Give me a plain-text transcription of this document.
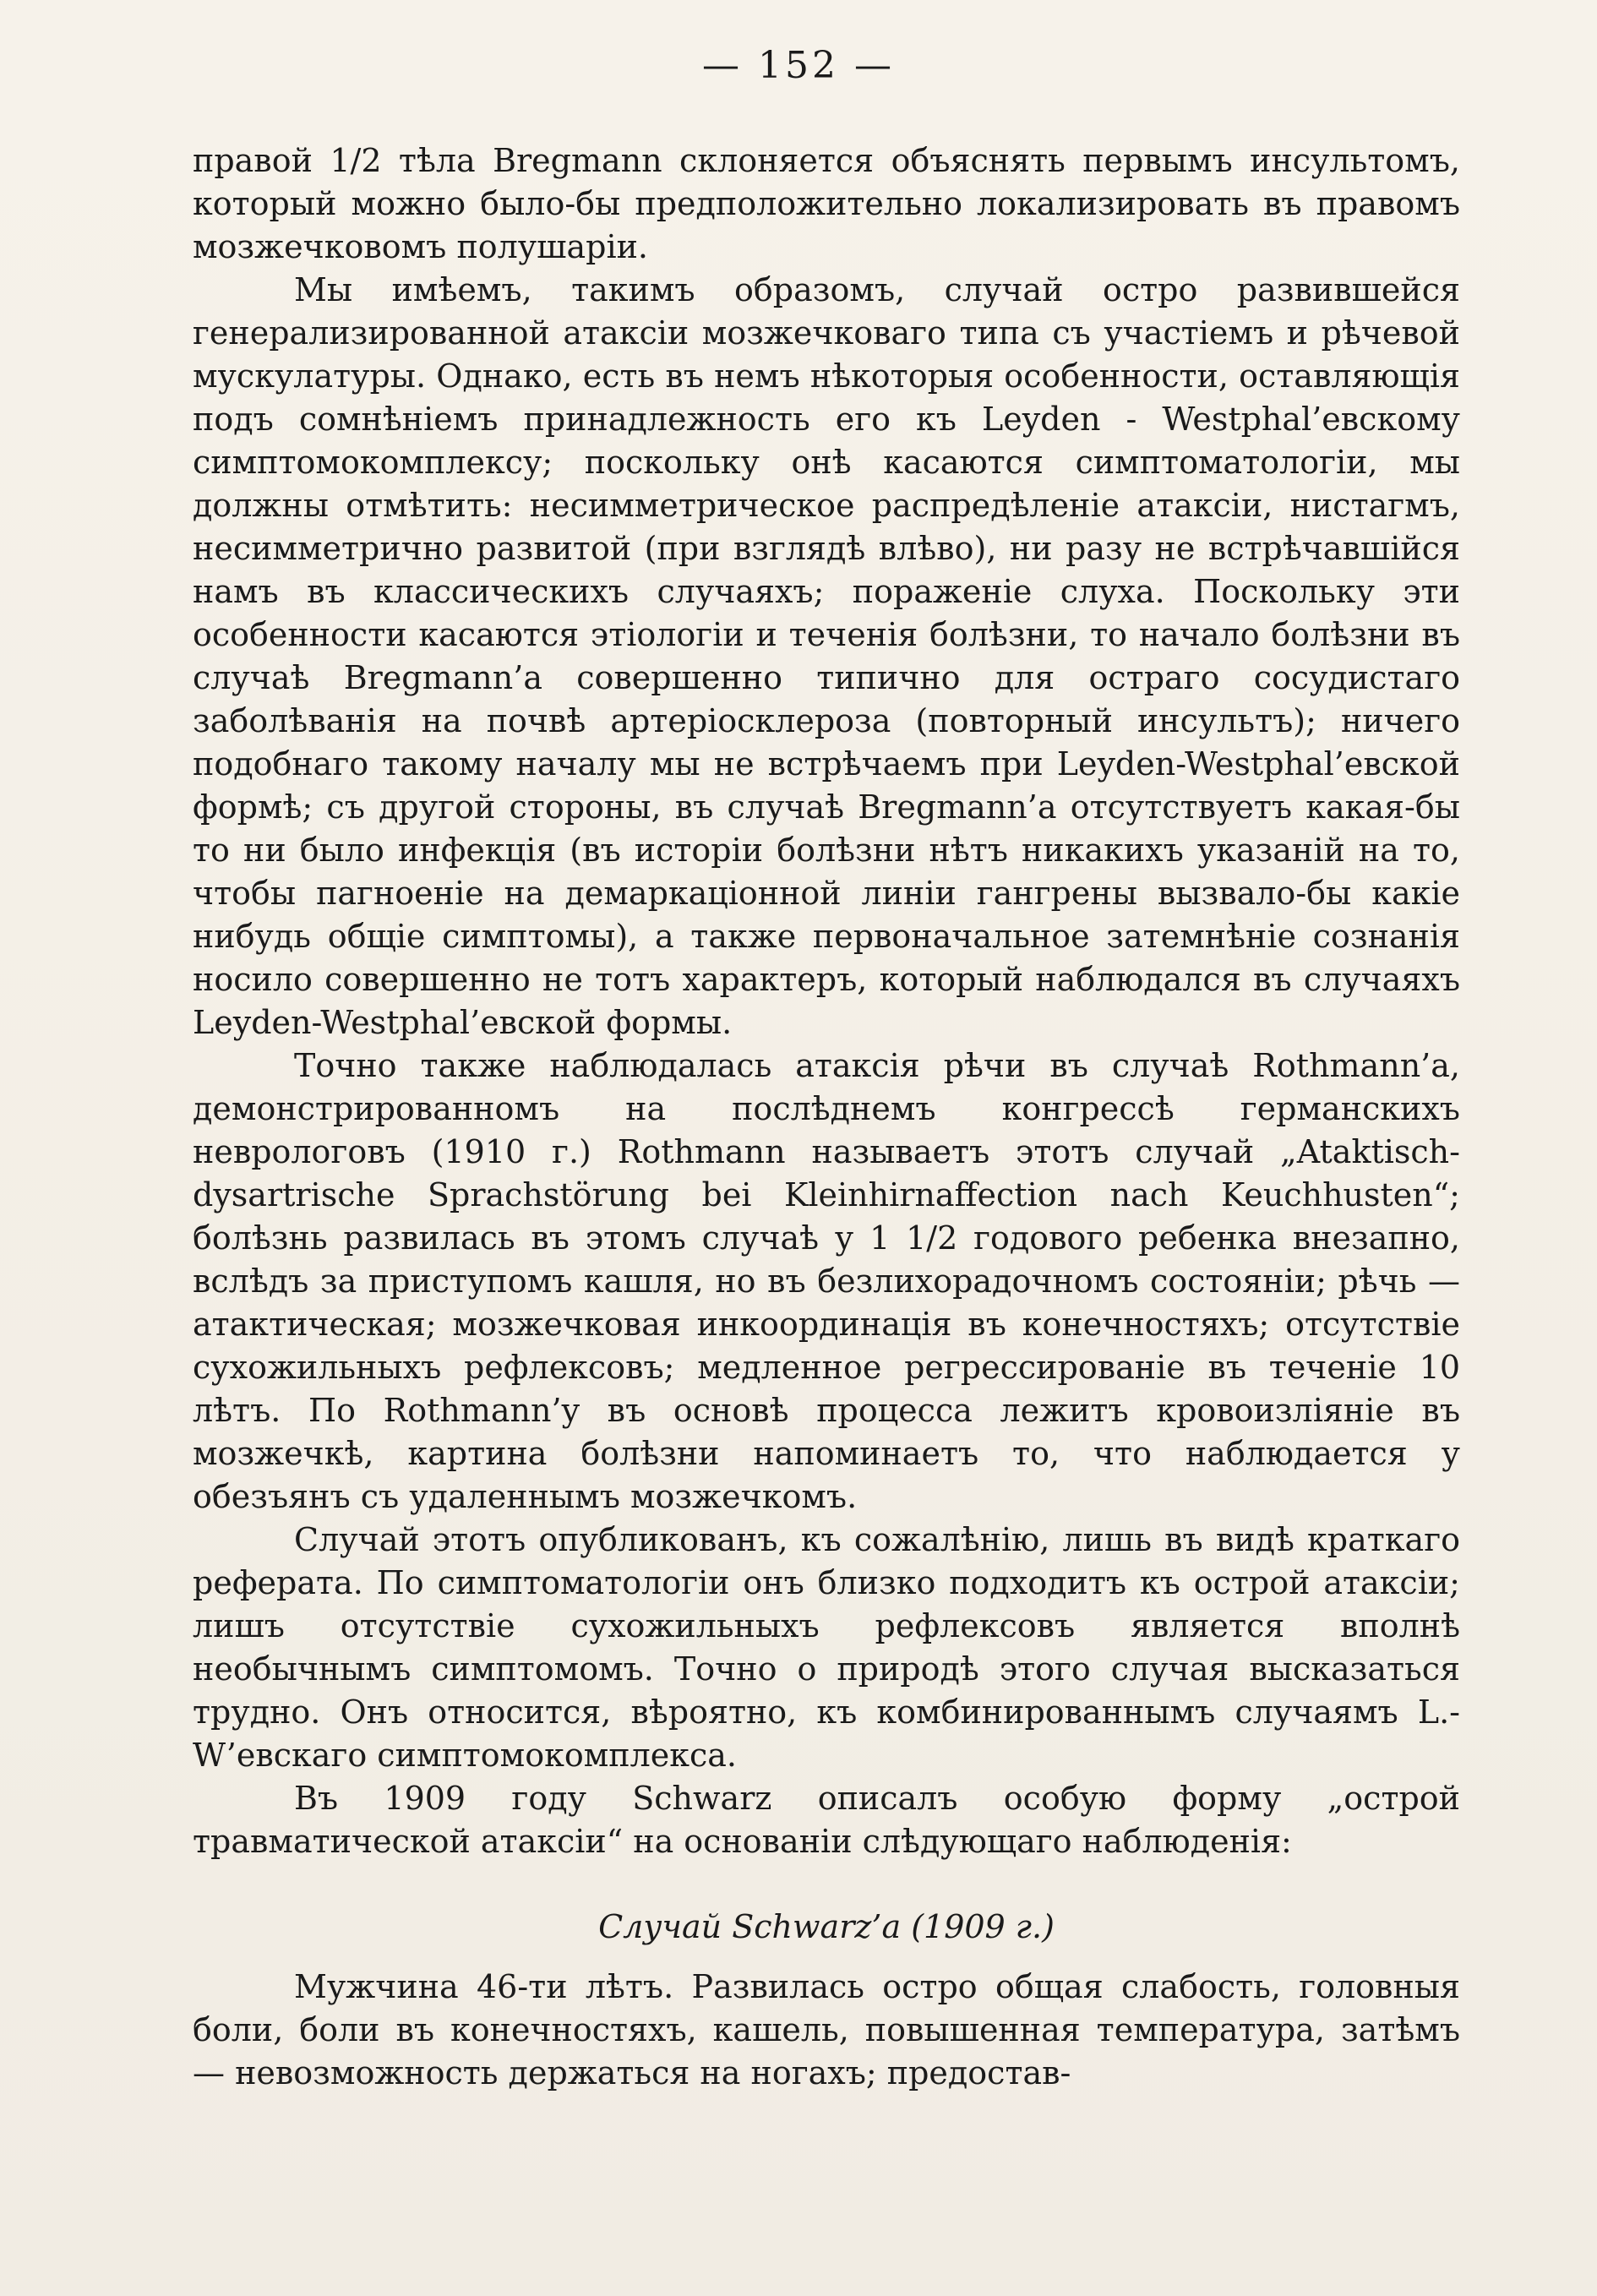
— 152 —

правой 1/2 тѣла Bregmann склоняется объяснять первымъ инсультомъ, который можно было-бы предположительно локализировать въ правомъ мозжечковомъ полушаріи.

Мы имѣемъ, такимъ образомъ, случай остро развившейся генерализированной атаксіи мозжечковаго типа съ участіемъ и рѣчевой мускулатуры. Однако, есть въ немъ нѣкоторыя особенности, оставляющія подъ сомнѣніемъ принадлежность его къ Leyden - Westphal’евскому симптомокомплексу; поскольку онѣ касаются симптоматологіи, мы должны отмѣтить: несимметрическое распредѣленіе атаксіи, нистагмъ, несимметрично развитой (при взглядѣ влѣво), ни разу не встрѣчавшійся намъ въ классическихъ случаяхъ; пораженіе слуха. Поскольку эти особенности касаются этіологіи и теченія болѣзни, то начало болѣзни въ случаѣ Bregmann’a совершенно типично для остраго сосудистаго заболѣванія на почвѣ артеріосклероза (повторный инсультъ); ничего подобнаго такому началу мы не встрѣчаемъ при Leyden-Westphal’евской формѣ; съ другой стороны, въ случаѣ Bregmann’a отсутствуетъ какая-бы то ни было инфекція (въ исторіи болѣзни нѣтъ никакихъ указаній на то, чтобы пагноеніе на демаркаціонной линіи гангрены вызвало-бы какіе нибудь общіе симптомы), а также первоначальное затемнѣніе сознанія носило совершенно не тотъ характеръ, который наблюдался въ случаяхъ Leyden-Westphal’евской формы.

Точно также наблюдалась атаксія рѣчи въ случаѣ Rothmann’a, демонстрированномъ на послѣднемъ конгрессѣ германскихъ неврологовъ (1910 г.) Rothmann называетъ этотъ случай „Ataktisch-dysartrische Sprachstörung bei Kleinhirnaffection nach Keuchhusten“; болѣзнь развилась въ этомъ случаѣ у 1 1/2 годового ребенка внезапно, вслѣдъ за приступомъ кашля, но въ безлихорадочномъ состояніи; рѣчь — атактическая; мозжечковая инкоординація въ конечностяхъ; отсутствіе сухожильныхъ рефлексовъ; медленное регрессированіе въ теченіе 10 лѣтъ. По Rothmann’y въ основѣ процесса лежитъ кровоизліяніе въ мозжечкѣ, картина болѣзни напоминаетъ то, что наблюдается у обезъянъ съ удаленнымъ мозжечкомъ.

Случай этотъ опубликованъ, къ сожалѣнію, лишь въ видѣ краткаго реферата. По симптоматологіи онъ близко подходитъ къ острой атаксіи; лишъ отсутствіе сухожильныхъ рефлексовъ является вполнѣ необычнымъ симптомомъ. Точно о природѣ этого случая высказаться трудно. Онъ относится, вѣроятно, къ комбинированнымъ случаямъ L.-W’евскаго симптомокомплекса.

Въ 1909 году Schwarz описалъ особую форму „острой травматической атаксіи“ на основаніи слѣдующаго наблюденія:

Случай Schwarz’a (1909 г.)

Мужчина 46-ти лѣтъ. Развилась остро общая слабость, головныя боли, боли въ конечностяхъ, кашель, повышенная температура, затѣмъ — невозможность держаться на ногахъ; предостав-
